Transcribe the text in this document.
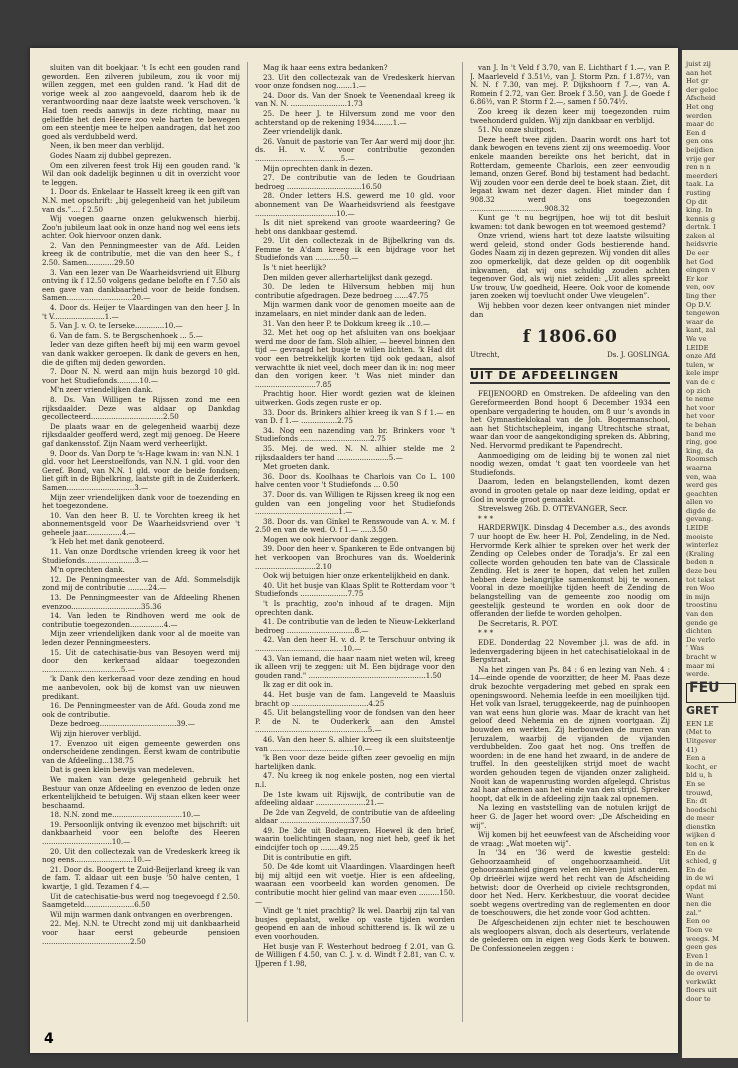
sluiten van dit boekjaar. 't Is echt een gouden rand geworden. Een zilveren jubileum, zou ik voor mij willen zeggen, met een gulden rand. 'k Had dit de vorige week al zoo aangevoeld, daarom heb ik de verantwoording naar deze laatste week verschoven. 'k Had toen reeds aanwijs in deze richting, maar nu gelieffde het den Heere zoo vele harten te bewegen om een steentje mee te helpen aandragen, dat het zoo goed als verdubbeld werd.

Neen, ik ben meer dan verblijd.

Godes Naam zij dubbel geprezen.

Om een zilveren feest trok Hij een gouden rand. 'k Wil dan ook dadelijk beginnen u dit in overzicht voor te leggen.

1. Door ds. Enkelaar te Hasselt kreeg ik een gift van N.N. met opschrift: „bij gelegenheid van het jubileum van ds.”.... f 2.50

Wij voegen gaarne onzen gelukwensch hierbij. Zoo'n jubileum laat ook in onze hand nog wel eens iets achter. Ook hiervoor onzen dank.

2. Van den Penningmeester van de Afd. Leiden kreeg ik de contributie, met die van den heer S., f 2.50. Samen............29.50

3. Van een lezer van De Waarheidsvriend uit Elburg ontving ik f 12.50 volgens gedane belofte en f 7.50 als een gave van dankbaarheid voor de beide fondsen. Samen.............................20.—

4. Door ds. Heijer te Vlaardingen van den heer J. In 't V.......................1.—

5. Van J. v. O. te Ierseke.............10.—

6. Van de fam. S. te Bergschenhoek ... 5.—

Ieder van deze giften heeft bij mij een warm gevoel van dank wakker geroepen. Ik dank de gevers en hen, die de giften mij deden geworden.

7. Door N. N. werd aan mijn huis bezorgd 10 gld. voor het Studiefonds..........10.—

M'n zeer vriendelijken dank.

8. Ds. Van Willigen te Rijssen zond me een rijksdaalder. Deze was aldaar op Dankdag gecollecteerd................................2.50

De plaats waar en de gelegenheid waarbij deze rijksdaalder geofferd werd, zegt mij genoeg. De Heere gaf dankensstof. Zijn Naam werd verheerlijkt.

9. Door ds. Van Dorp te 's-Hage kwam in: van N.N. 1 gld. voor het Leerstoelfonds, van N.N. 1 gld. voor den Geref. Bond, van N.N. 1 gld. voor de beide fondsen; liet gift in de Bijbelkring, laatste gift in de Zuiderkerk. Samen..............................3.—

Mijn zeer vriendelijken dank voor de toezending en het toegezondene.

10. Van den heer B. U. te Vorchten kreeg ik het abonnementsgeld voor De Waarheidsvriend over 't geheele jaar................4.—

'k Heb het met dank genoteerd.

11. Van onze Dordtsche vrienden kreeg ik voor het Studiefonds......................3.—

M'n oprechten dank.

12. De Penningmeester van de Afd. Sommelsdijk zond mij de contributie .........24.—

13. De Penningmeester van de Afdeeling Rhenen evenzoo...............................35.36

14. Van leden te Rindhoven werd me ook de contributie toegezonden...............4.—

Mijn zeer vriendelijken dank voor al de moeite van leden dezer Penningmeesters.

15. Uit de catechisatie-bus van Besoyen werd mij door den kerkeraad aldaar toegezonden ...................................5.—

'k Dank den kerkeraad voor deze zending en houd me aanbevolen, ook bij de komst van uw nieuwen predikant.

16. De Penningmeester van de Afd. Gouda zond me ook de contributie.

Deze bedroeg..................................39.—

Wij zijn hierover verblijd.

17. Evenzoo uit eigen gemeente gewerden ons onderscheidene zendingen. Eerst kwam de contributie van de Afdeeling...138.75

Dat is geen klein bewijs van medeleven.

We maken van deze gelegenheid gebruik het Bestuur van onze Afdeeling en evenzoo de leden onze erkentelijkheid te betuigen. Wij staan elken keer weer beschaamd.

18. N.N. zond me...............................10.—

19. Persoonlijk ontving ik evenzoo met bijschrift: uit dankbaarheid voor een belofte des Heeren ...............................10.—

20. Uit den collectezak van de Vredeskerk kreeg ik nog eens..........................10.—

21. Door ds. Boogert te Zuid-Beijerland kreeg ik van de fam. T. aldaar uit een busje ‘50 halve centen, 1 kwartje, 1 gld. Tezamen f 4.—

Uit de catechisatie-bus werd nog toegevoegd f 2.50. Saamgeteld......................6.50

Wil mijn warmen dank ontvangen en overbrengen.

22. Mej. N.N. te Utrecht zond mij uit dankbaarheid voor haar eerst gebeurde pensioen .......................................2.50

Mag ik haar eens extra bedanken?

23. Uit den collectezak van de Vredeskerk hiervan voor onze fondsen nog.......1.—

24. Door ds. Van der Snoek te Veenendaal kreeg ik van N. N. .........................1.73

25. De heer J. te Hilversum zond me voor den achterstand op de rekening 1934........1.—

Zeer vriendelijk dank.

26. Vanuit de pastorie van Ter Aar werd mij door jhr. ds. H. v. V. voor contributie gezonden ......................................5.—

Mijn oprechten dank in dezen.

27. De contributie van de leden te Goudriaan bedroeg .................................16.50

28. Onder letters H.S. gewerd me 10 gld. voor abonnement van De Waarheidsvriend als feestgave ....................................10.—

Is dit niet sprekend van groote waardeering? Ge hebt ons dankbaar gestemd.

29. Uit den collectezak in de Bijbelkring van ds. Femme te A'dam kreeg ik een bijdrage voor het Studiefonds van ...........50.—

Is 't niet heerlijk?

Den milden gever allerhartelijkst dank gezegd.

30. De leden te Hilversum hebben mij hun contributie afgedragen. Deze bedroeg ......47.75

Mijn warmen dank voor de genomen moeite aan de inzamelaars, en niet minder dank aan de leden.

31. Van den heer P. te Dokkum kreeg ik ..10.—

32. Met het oog op het afsluiten van ons boekjaar werd me door de fam. Slob alhier, — beevel binnen den tijd — gevraagd het busje te willen lichten. 'k Had dit voor een betrekkelijk korten tijd ook gedaan, alsof verwachtte ik niet veel, doch meer dan ik in: nog meer dan den vorigen keer. 't Was niet minder dan ...........................7.85

Prachtig hoor. Hier wordt gezien wat de kleinen uitwerken. Gods zegen ruste er op.

33. Door ds. Brinkers alhier kreeg ik van S f 1.— en van D. f 1.— ................2.75

34. Nog een nazending van br. Brinkers voor 't Studiefonds ...............................2.75

35. Mej. de wed. N. N. alhier stelde me 2 rijksdaalders ter hand .......................5.—

Met groeten dank.

36. Door ds. Koolhaas te Charlois van Co L. 100 halve centen voor 't Studiefonds ... 0.50

37. Door ds. van Willigen te Rijssen kreeg ik nog een gulden van een jongeling voor het Studiefonds .....................................1.—

38. Door ds. van Ginkel te Renswoude van A. v. M. f 2.50 en van de wed. O. f 1.— .....3.50

Mogen we ook hiervoor dank zeggen.

39. Door den heer v. Spankeren te Ede ontvangen bij het verkoopen van Brochures van ds. Woelderink ...........................2.10

Ook wij betuigen hier onze erkentelijkheid en dank.

40. Uit het busje van Klaas Split te Rotterdam voor 't Studiefonds .....................7.75

't Is prachtig, zoo'n inhoud af te dragen. Mijn oprechten dank.

41. De contributie van de leden te Nieuw-Lekkerland bedroeg ..............................8.—

42. Van den heer H. v. d. P. te Terschuur ontving ik .......................................10.—

43. Van iemand, die haar naam niet weten wil, kreeg ik alleen vrij te zeggen: uit M. Een bijdrage voor den gouden rand." ....................................................1.50

Ik zag er dit ook in.

44. Het busje van de fam. Langeveld te Maasluis bracht op ..................................4.25

45. Uit belangstelling voor de fondsen van den heer P. de N. te Ouderkerk aan den Amstel ..................................................5.—

46. Van den heer S. alhier kreeg ik een sluitsteentje van .....................................10.—

'k Ben voor deze beide giften zeer gevoelig en mijn hartelijken dank.

47. Nu kreeg ik nog enkele posten, nog een viertal n.l.

De 1ste kwam uit Rijswijk, de contributie van de afdeeling aldaar ......................21.—

De 2de van Zegveld, de contributie van de afdeeling aldaar ...............................37.50

49. De 3de uit Bodegraven. Hoewel ik den brief, waarin toelichtingen staan, nog niet heb, geef ik het eindcijfer toch op ........49.25

Dit is contributie en gift.

50. De 4de komt uit Vlaardingen. Vlaardingen heeft bij mij altijd een wit voetje. Hier is een afdeeling, waaraan een voorbeeld kan worden genomen. De contributie mocht hier gelind van maar even .........150.—

Vindt ge 't niet prachtig? Ik wel. Daarbij zijn tal van busjes geplaatst, welke op vaste tijden worden geopend en aan de inhoud schitterend is. Ik wil ze u even voorhouden.

Het busje van F. Westerhout bedroeg f 2.01, van G. de Willigen f 4.50, van C. J. v. d. Windt f 2.81, van C. v. IJperen f 1.98,

van J. In 't Veld f 3.70, van E. Lichthart f 1.—, van P. J. Maarleveld f 3.51½, van J. Storm Pzn. f 1.87½, van N. N. f 7.30, van mej. P. Dijkshoorn f 7.—, van A. Romein f 2.72, van Ger. Broek f 3.50, van J. de Goede f 6.86½, van P. Storm f 2.—, samen f 50.74½.

Zoo kreeg ik dezen keer mij toegezonden ruim tweehonderd gulden. Wij zijn dankbaar en verblijd.

51. Nu onze sluitpost.

Deze heeft twee zijden. Daarin wordt ons hart tot dank bewogen en tevens zient zij ons weemoedig. Voor enkele maanden bereikte ons het bericht, dat in Rotterdam, gemeente Charlois, een zeer eenvoudig lemand, onzen Geref. Bond bij testament had bedacht. Wij zouden voor een derde deel te boek staan. Ziet, dit legaat kwam net dezer dagen. Hiet minder dan f 908.32 werd ons toegezonden .................................908.32

Kunt ge 't nu begrijpen, hoe wij tot dit besluit kwamen: tot dank bewogen en tot weemoed gestemd?

Onze vriend, wiens hart tot deze laatste wilsuiting werd geleid, stond onder Gods bestierende hand. Godes Naam zij in dezen geprezen. Wij vonden dit alles zoo opmerkelijk, dat deze gelden op dit oogenblik inkwamen, dat wij ons schuldig zouden achten tegenover God, als wij niet zeiden: „Uit alles spreekt Uw trouw, Uw goedheid, Heere. Ook voor de komende jaren zoeken wij toevlucht onder Uwe vleugelen”.

Wij hebben voor dezen keer ontvangen niet minder dan

f 1806.60
Utrecht,	Ds. J. GOSLINGA.
UIT DE AFDEELINGEN

FEIJENOORD en Omstreken. De afdeeling van den Gereformeerden Bond hoopt 6 December 1934 een openbare vergadering te houden, om 8 uur 's avonds in het Gymnastieklokaal van de Joh. Bogermanschool, aan het Stichtschepleim, ingang Utrechtsche straat, waar dan voor de aangekondiging spreken ds. Abbring, Ned. Hervormd predikant te Papendrecht.

Aanmoediging om de leiding bij te wonen zal niet noodig wezen, omdat 't gaat ten voordeele van het Studiefonds.

Daarom, leden en belangstellenden, komt dezen avond in grooten getale op naar deze leiding, opdat er God in worde groot gemaakt.

Strevelsweg 26b. D. OTTEVANGER, Secr.

* * *

HARDERWIJK. Dinsdag 4 December a.s., des avonds 7 uur hoopt de Ew. heer H. Pol, Zendeling, in de Ned. Hervormde Kerk alhier te spreken over het werk der Zending op Celebes onder de Toradja's. Er zal een collecte worden gehouden ten bate van de Classicale Zending. Het is zeer te hopen, dat velen het zullen hebben deze belangrijke samenkomst bij te wonen. Vooral in deze moeilijke tijden heeft de Zending de belangstelling van de gemeente zoo noodig om geestelijk gesteund te worden en ook door de offeranden der liefde te worden geholpen.

De Secretaris, R. POT.

* * *

EDE. Donderdag 22 November j.l. was de afd. in ledenvergadering bijeen in het catechisatielokaal in de Bergstraat.

Na het zingen van Ps. 84 : 6 en lezing van Neh. 4 : 14—einde opende de voorzitter, de heer M. Paas deze druk bezochte vergadering met gebed en sprak een openingswoord. Nehemia leefde in een moeilijken tijd. Het volk van Israel, teruggekeerde, nag de puinhoopen van wat eens hun glorie was. Maar de kracht van het geloof deed Nehemia en de zijnen voortgaan. Zij bouwden en werkten. Zij herbouwden de muren van Jeruzalem, waarbij de vijanden de vijanden verdubbelden. Zoo gaat het nog. Ons treffen de woorden: in de ene hand het zwaard, in de andere de truffel. In den geestelijken strijd moet de wacht worden gehouden tegen de vijanden onzer zaligheid. Nooit kan de wapenrusting worden afgelegd. Christus zal haar afnemen aan het einde van den strijd. Spreker hoopt, dat elk in de afdeeling zijn taak zal opnemen.

Na lezing en vaststelling van de notulen krijgt de heer G. de Jager het woord over: „De Afscheiding en wij”.

Wij komen bij het eeuwfeest van de Afscheiding voor de vraag: „Wat moeten wij”.

In '34 en '36 werd de kwestie gesteld: Gehoorzaamheid of ongehoorzaamheid. Uit gehoorzaamheid gingen velen en bleven juist anderen. Op drieërlei wijze werd het recht van de Afscheiding betwist: door de Overheid op civiele rechtsgronden, door het Ned. Herv. Kerkbestuur, die voorat decidee soebt wegens overtreding van de reglementen en door de toeschouwers, die het zonde voor God achtten.

De Afgescheidenen zijn echter niet te beschouwen als wegloopers alsvan, doch als deserteurs, verlatende de gelederen om in eigen weg Gods Kerk te bouwen. De Confessioneelen zeggen :

4
juist zij
aan het
Het gr
der geloc
Afscheid
Het ong
werden
maar dc
Een d
gen ons
beijdien
vrije ger
ren n n
meerderi
taak. La
rusting
Op dit
king. In
kennis g
dertnk. I
zaken al
heidsvrie
De eer
het God
eingen v
Er kor
ven, oov
ling ther
Op D.V.
tengewon
waar de
kant, zal
We ve
LEIDE
onze Afd
tulen, w
kele impr
van de c
op zich
te neme
het voor
het voor
te behan
band me
ring, goe
king, da
Roomsch
waarna
ven, waa
werd ges
geachten
allen vo
digde de
gevang.
LEIDE
mooiste
winterlez
(Kraling
beden n
deze beu
tot tekst
ren Woo
in mijn
troostinu
van den
gende ge
dichten
De verlo
' Was
bracht w
maar mi
werde.
FEU
GRET
EEN LE
(Met to
Uitgever
41)
Een a
kocht, er
bld u, h
En se
trouwd,
En: dt
hoodschi
de meer
dienstkn
wijken d
ten en k
En de
schied, g
En de
in de wi
opdat mi
Want
nen die
zal."
Een oo
Toen ve
weegs. M
geen ges
Even l
in de na
de overvi
verkwikt
floers uit
door te
